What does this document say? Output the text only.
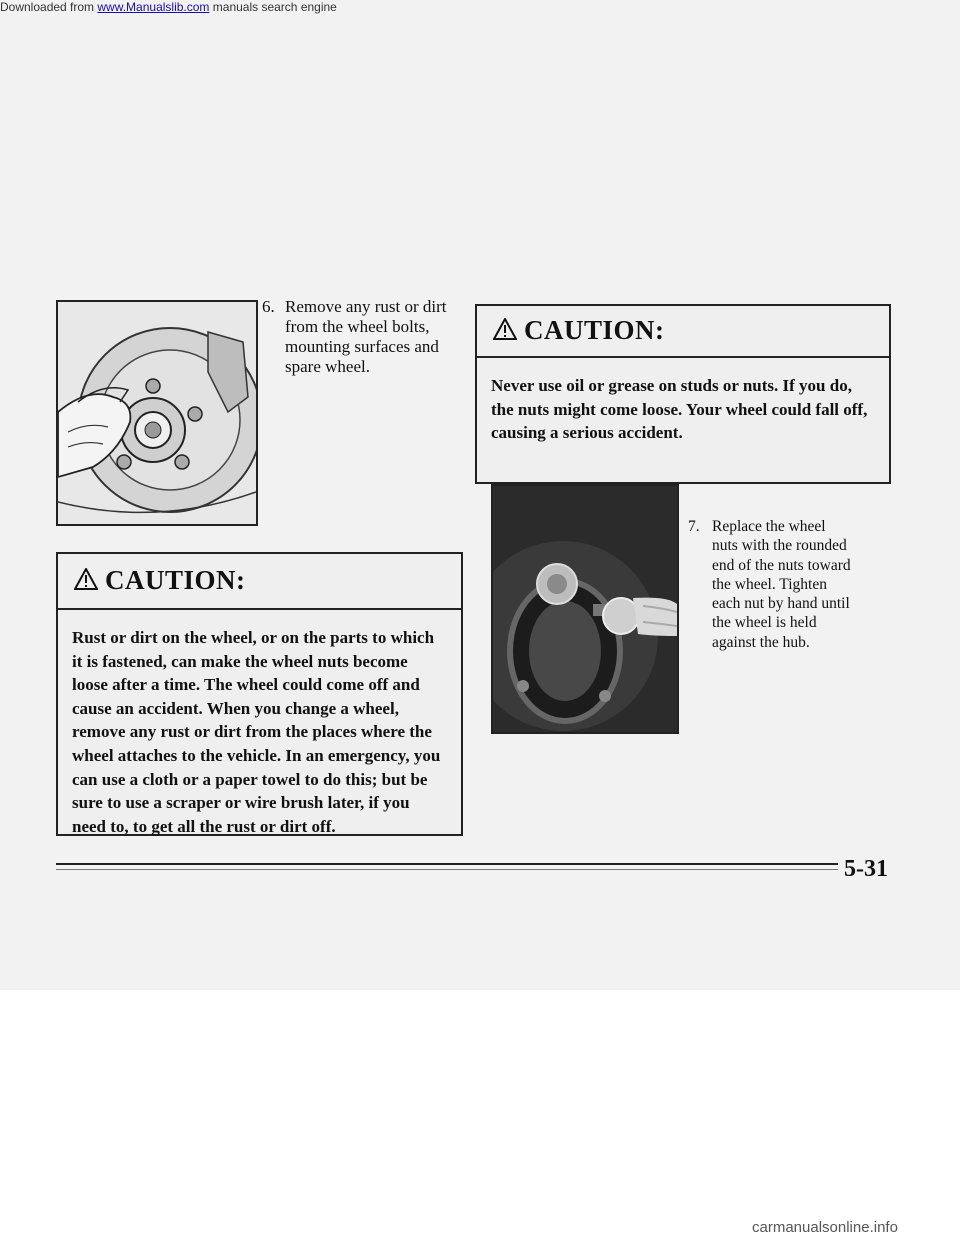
Downloaded from www.Manualslib.com manuals search engine
6. Remove any rust or dirt from the wheel bolts, mounting surfaces and spare wheel.
CAUTION:
Never use oil or grease on studs or nuts. If you do, the nuts might come loose. Your wheel could fall off, causing a serious accident.
CAUTION:
Rust or dirt on the wheel, or on the parts to which it is fastened, can make the wheel nuts become loose after a time. The wheel could come off and cause an accident. When you change a wheel, remove any rust or dirt from the places where the wheel attaches to the vehicle. In an emergency, you can use a cloth or a paper towel to do this; but be sure to use a scraper or wire brush later, if you need to, to get all the rust or dirt off.
7. Replace the wheel nuts with the rounded end of the nuts toward the wheel. Tighten each nut by hand until the wheel is held against the hub.
5-31
carmanualsonline.info
